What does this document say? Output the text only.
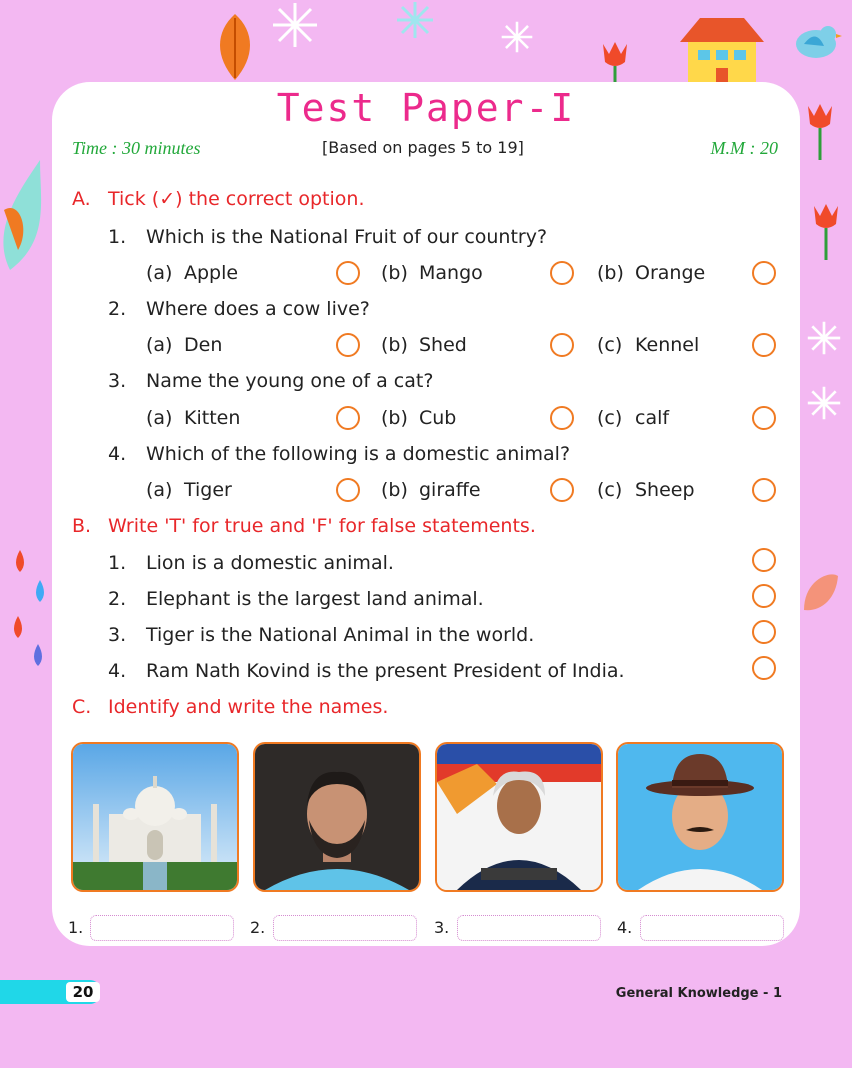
Test Paper-I
Time : 30 minutes	[Based on pages 5 to 19]	M.M : 20
A. Tick (✓) the correct option.
1. Which is the National Fruit of our country?
(a) Apple	(b) Mango	(b) Orange
2. Where does a cow live?
(a) Den	(b) Shed	(c) Kennel
3. Name the young one of a cat?
(a) Kitten	(b) Cub	(c) calf
4. Which of the following is a domestic animal?
(a) Tiger	(b) giraffe	(c) Sheep
B. Write 'T' for true and 'F' for false statements.
1. Lion is a domestic animal.
2. Elephant is the largest land animal.
3. Tiger is the National Animal in the world.
4. Ram Nath Kovind is the present President of India.
C. Identify and write the names.
1.	2.	3.	4.
20	General Knowledge - 1
